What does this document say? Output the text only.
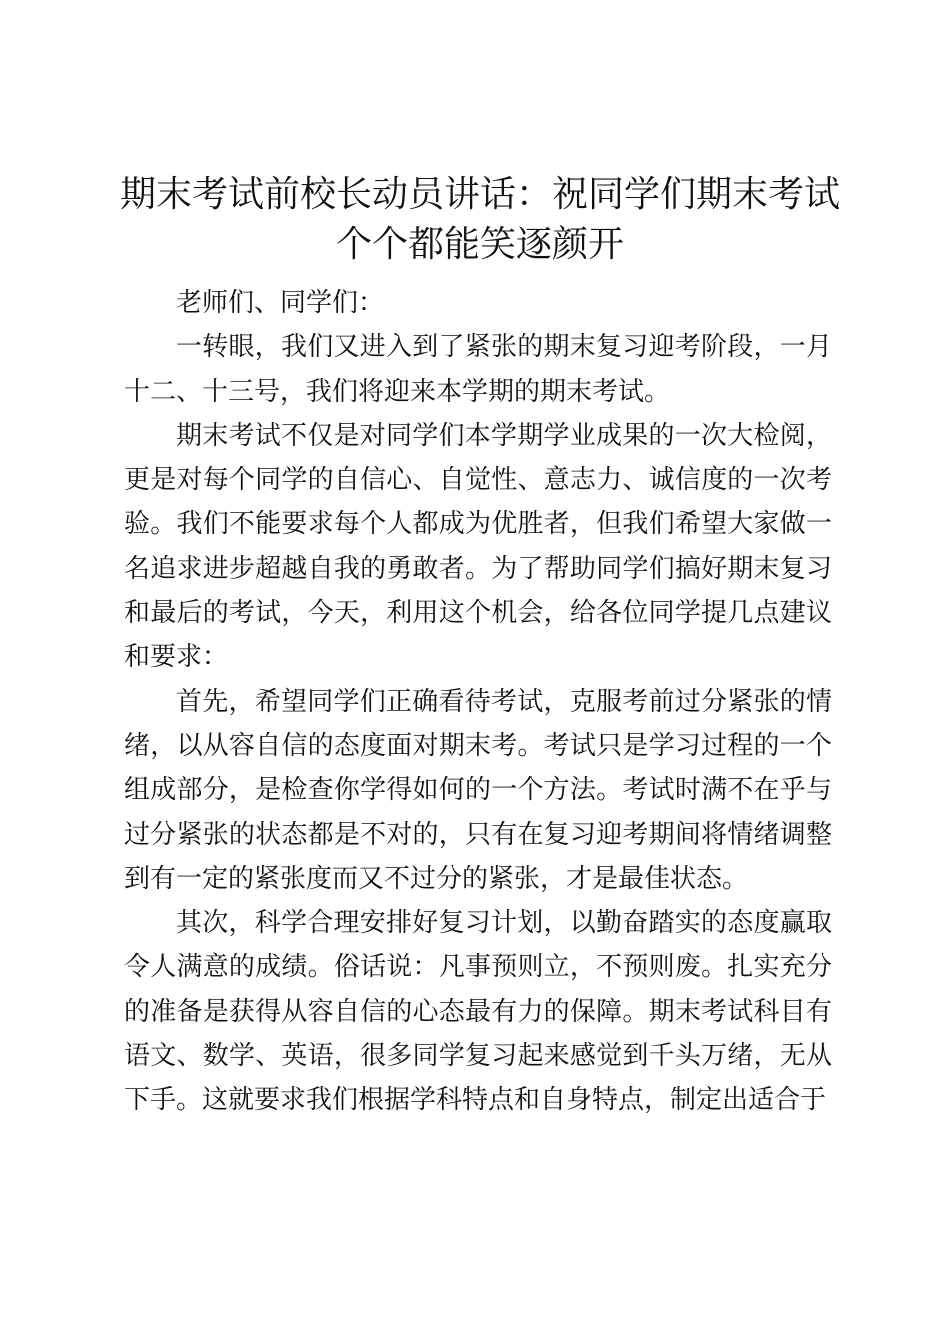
期末考试前校长动员讲话：祝同学们期末考试个个都能笑逐颜开

老师们、同学们：

一转眼，我们又进入到了紧张的期末复习迎考阶段，一月十二、十三号，我们将迎来本学期的期末考试。

期末考试不仅是对同学们本学期学业成果的一次大检阅，更是对每个同学的自信心、自觉性、意志力、诚信度的一次考验。我们不能要求每个人都成为优胜者，但我们希望大家做一名追求进步超越自我的勇敢者。为了帮助同学们搞好期末复习和最后的考试，今天，利用这个机会，给各位同学提几点建议和要求：

首先，希望同学们正确看待考试，克服考前过分紧张的情绪，以从容自信的态度面对期末考。考试只是学习过程的一个组成部分，是检查你学得如何的一个方法。考试时满不在乎与过分紧张的状态都是不对的，只有在复习迎考期间将情绪调整到有一定的紧张度而又不过分的紧张，才是最佳状态。

其次，科学合理安排好复习计划，以勤奋踏实的态度赢取令人满意的成绩。俗话说：凡事预则立，不预则废。扎实充分的准备是获得从容自信的心态最有力的保障。期末考试科目有语文、数学、英语，很多同学复习起来感觉到千头万绪，无从下手。这就要求我们根据学科特点和自身特点，制定出适合于
